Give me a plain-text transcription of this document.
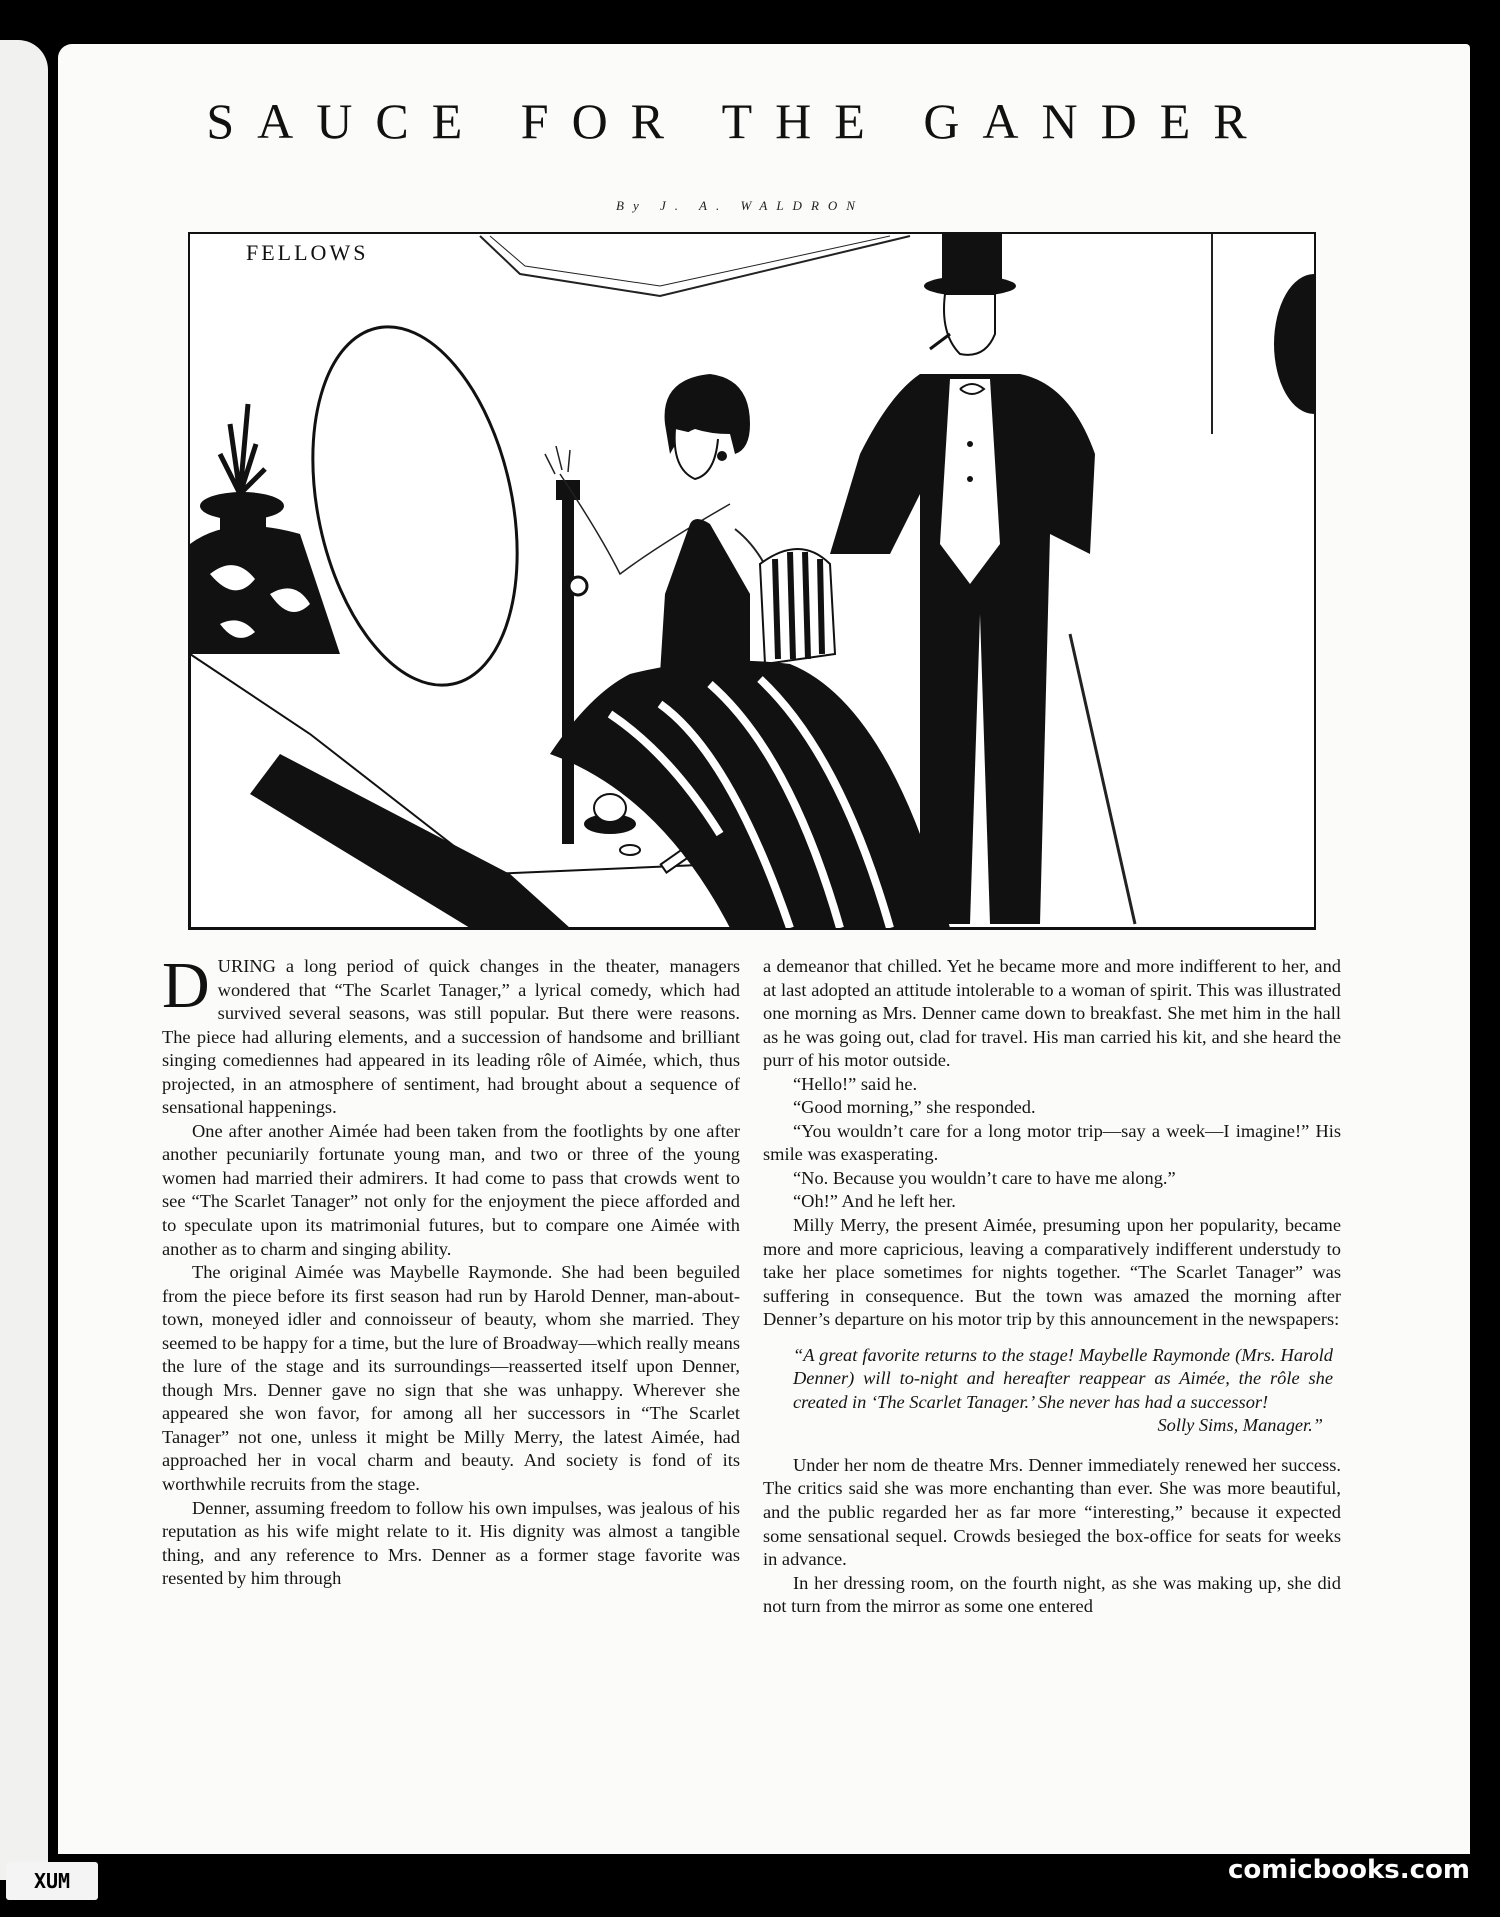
SAUCE FOR THE GANDER
By J. A. WALDRON
FELLOWS

DURING a long period of quick changes in the theater, managers wondered that “The Scarlet Tanager,” a lyrical comedy, which had survived several seasons, was still popular. But there were reasons. The piece had alluring elements, and a succession of handsome and brilliant singing comediennes had appeared in its leading rôle of Aimée, which, thus projected, in an atmosphere of sentiment, had brought about a sequence of sensational happenings.

One after another Aimée had been taken from the footlights by one after another pecuniarily fortunate young man, and two or three of the young women had married their admirers. It had come to pass that crowds went to see “The Scarlet Tanager” not only for the enjoyment the piece afforded and to speculate upon its matrimonial futures, but to compare one Aimée with another as to charm and singing ability.

The original Aimée was Maybelle Raymonde. She had been beguiled from the piece before its first season had run by Harold Denner, man-about-town, moneyed idler and connoisseur of beauty, whom she married. They seemed to be happy for a time, but the lure of Broadway—which really means the lure of the stage and its surroundings—reasserted itself upon Denner, though Mrs. Denner gave no sign that she was unhappy. Wherever she appeared she won favor, for among all her successors in “The Scarlet Tanager” not one, unless it might be Milly Merry, the latest Aimée, had approached her in vocal charm and beauty. And society is fond of its worthwhile recruits from the stage.

Denner, assuming freedom to follow his own impulses, was jealous of his reputation as his wife might relate to it. His dignity was almost a tangible thing, and any reference to Mrs. Denner as a former stage favorite was resented by him through

a demeanor that chilled. Yet he became more and more indifferent to her, and at last adopted an attitude intolerable to a woman of spirit. This was illustrated one morning as Mrs. Denner came down to breakfast. She met him in the hall as he was going out, clad for travel. His man carried his kit, and she heard the purr of his motor outside.

“Hello!” said he.

“Good morning,” she responded.

“You wouldn’t care for a long motor trip—say a week—I imagine!” His smile was exasperating.

“No. Because you wouldn’t care to have me along.”

“Oh!” And he left her.

Milly Merry, the present Aimée, presuming upon her popularity, became more and more capricious, leaving a comparatively indifferent understudy to take her place sometimes for nights together. “The Scarlet Tanager” was suffering in consequence. But the town was amazed the morning after Denner’s departure on his motor trip by this announcement in the newspapers:

“A great favorite returns to the stage! Maybelle Raymonde (Mrs. Harold Denner) will to-night and hereafter reappear as Aimée, the rôle she created in ‘The Scarlet Tanager.’ She never has had a successor!
Solly Sims, Manager.”

Under her nom de theatre Mrs. Denner immediately renewed her success. The critics said she was more enchanting than ever. She was more beautiful, and the public regarded her as far more “interesting,” because it expected some sensational sequel. Crowds besieged the box-office for seats for weeks in advance.

In her dressing room, on the fourth night, as she was making up, she did not turn from the mirror as some one entered

XUM	comicbooks.com
